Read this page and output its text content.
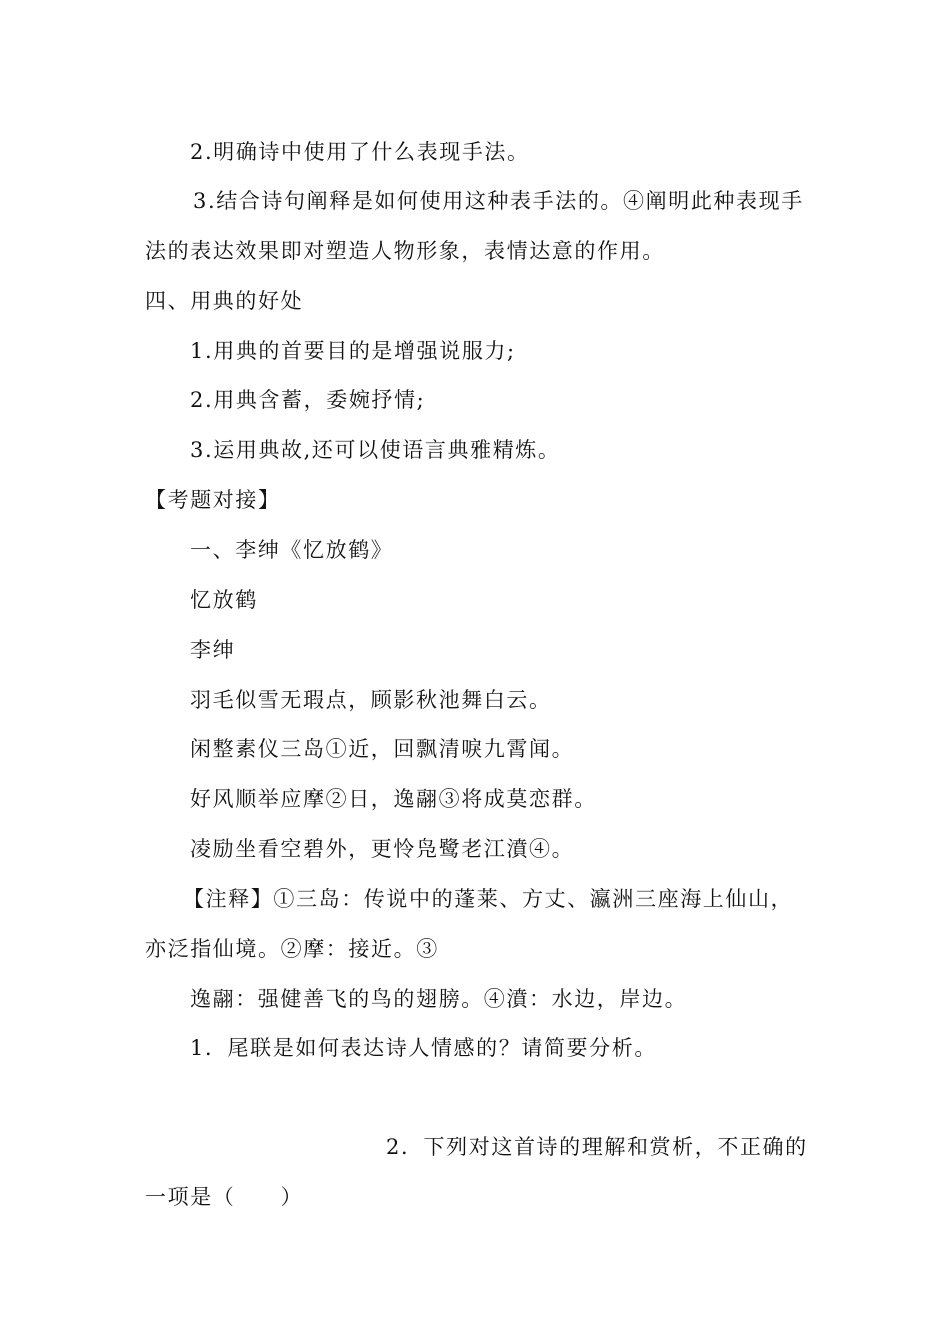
2.明确诗中使用了什么表现手法。

3.结合诗句阐释是如何使用这种表手法的。④阐明此种表现手

法的表达效果即对塑造人物形象，表情达意的作用。

四、用典的好处

1.用典的首要目的是增强说服力;

2.用典含蓄，委婉抒情;

3.运用典故,还可以使语言典雅精炼。

【考题对接】

一、李绅《忆放鹤》

忆放鹤

李绅

羽毛似雪无瑕点，顾影秋池舞白云。

闲整素仪三岛①近，回飘清唳九霄闻。

好风顺举应摩②日，逸翮③将成莫恋群。

凌励坐看空碧外，更怜凫鹭老江濆④。

【注释】①三岛：传说中的蓬莱、方丈、瀛洲三座海上仙山，

亦泛指仙境。②摩：接近。③

逸翮：强健善飞的鸟的翅膀。④濆：水边，岸边。

1．尾联是如何表达诗人情感的？请简要分析。

2．下列对这首诗的理解和赏析，不正确的

一项是（　　）
